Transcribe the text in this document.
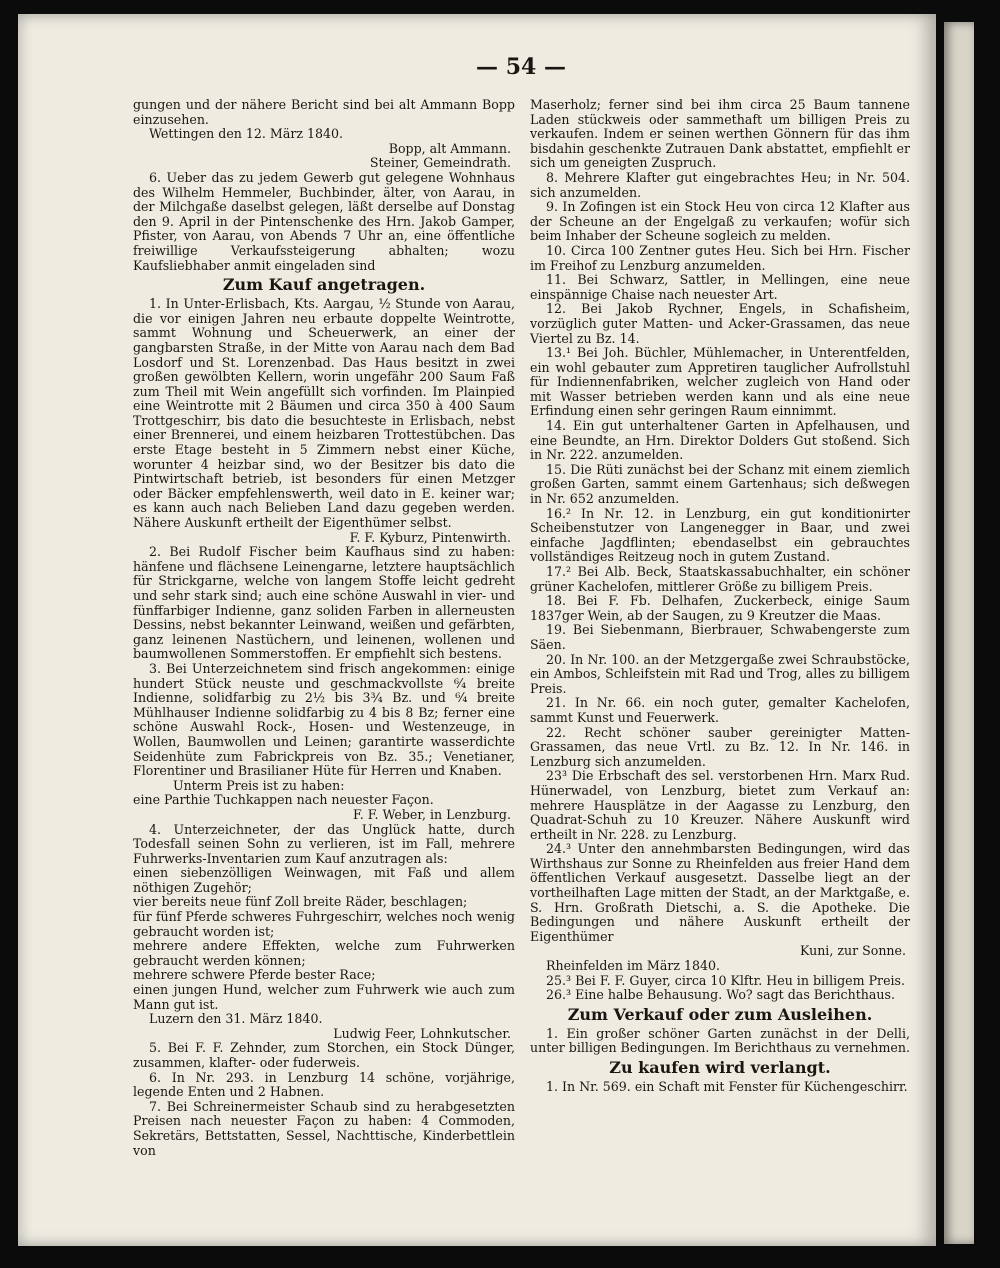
— 54 —

gungen und der nähere Bericht sind bei alt Ammann Bopp einzusehen.

Wettingen den 12. März 1840.

Bopp, alt Ammann.

Steiner, Gemeindrath.

6. Ueber das zu jedem Gewerb gut gelegene Wohnhaus des Wilhelm Hemmeler, Buchbinder, älter, von Aarau, in der Milchgaße daselbst gelegen, läßt derselbe auf Donstag den 9. April in der Pintenschenke des Hrn. Jakob Gamper, Pfister, von Aarau, von Abends 7 Uhr an, eine öffentliche freiwillige Verkaufssteigerung abhalten; wozu Kaufsliebhaber anmit eingeladen sind

Zum Kauf angetragen.

1. In Unter-Erlisbach, Kts. Aargau, ½ Stunde von Aarau, die vor einigen Jahren neu erbaute doppelte Weintrotte, sammt Wohnung und Scheuerwerk, an einer der gangbarsten Straße, in der Mitte von Aarau nach dem Bad Losdorf und St. Lorenzenbad. Das Haus besitzt in zwei großen gewölbten Kellern, worin ungefähr 200 Saum Faß zum Theil mit Wein angefüllt sich vorfinden. Im Plainpied eine Weintrotte mit 2 Bäumen und circa 350 à 400 Saum Trottgeschirr, bis dato die besuchteste in Erlisbach, nebst einer Brennerei, und einem heizbaren Trottestübchen. Das erste Etage besteht in 5 Zimmern nebst einer Küche, worunter 4 heizbar sind, wo der Besitzer bis dato die Pintwirtschaft betrieb, ist besonders für einen Metzger oder Bäcker empfehlenswerth, weil dato in E. keiner war; es kann auch nach Belieben Land dazu gegeben werden. Nähere Auskunft ertheilt der Eigenthümer selbst.

F. F. Kyburz, Pintenwirth.

2. Bei Rudolf Fischer beim Kaufhaus sind zu haben: hänfene und flächsene Leinengarne, letztere hauptsächlich für Strickgarne, welche von langem Stoffe leicht gedreht und sehr stark sind; auch eine schöne Auswahl in vier- und fünffarbiger Indienne, ganz soliden Farben in allerneusten Dessins, nebst bekannter Leinwand, weißen und gefärbten, ganz leinenen Nastüchern, und leinenen, wollenen und baumwollenen Sommerstoffen. Er empfiehlt sich bestens.

3. Bei Unterzeichnetem sind frisch angekommen: einige hundert Stück neuste und geschmackvollste ⁶⁄₄ breite Indienne, solidfarbig zu 2½ bis 3¾ Bz. und ⁶⁄₄ breite Mühlhauser Indienne solidfarbig zu 4 bis 8 Bz; ferner eine schöne Auswahl Rock-, Hosen- und Westenzeuge, in Wollen, Baumwollen und Leinen; garantirte wasserdichte Seidenhüte zum Fabrickpreis von Bz. 35.; Venetianer, Florentiner und Brasilianer Hüte für Herren und Knaben.

Unterm Preis ist zu haben:

eine Parthie Tuchkappen nach neuester Façon.

F. F. Weber, in Lenzburg.

4. Unterzeichneter, der das Unglück hatte, durch Todesfall seinen Sohn zu verlieren, ist im Fall, mehrere Fuhrwerks-Inventarien zum Kauf anzutragen als:

einen siebenzölligen Weinwagen, mit Faß und allem nöthigen Zugehör;

vier bereits neue fünf Zoll breite Räder, beschlagen;

für fünf Pferde schweres Fuhrgeschirr, welches noch wenig gebraucht worden ist;

mehrere andere Effekten, welche zum Fuhrwerken gebraucht werden können;

mehrere schwere Pferde bester Race;

einen jungen Hund, welcher zum Fuhrwerk wie auch zum Mann gut ist.

Luzern den 31. März 1840.

Ludwig Feer, Lohnkutscher.

5. Bei F. F. Zehnder, zum Storchen, ein Stock Dünger, zusammen, klafter- oder fuderweis.

6. In Nr. 293. in Lenzburg 14 schöne, vorjährige, legende Enten und 2 Habnen.

7. Bei Schreinermeister Schaub sind zu herabgesetzten Preisen nach neuester Façon zu haben: 4 Commoden, Sekretärs, Bettstatten, Sessel, Nachttische, Kinderbettlein von

Maserholz; ferner sind bei ihm circa 25 Baum tannene Laden stückweis oder sammethaft um billigen Preis zu verkaufen. Indem er seinen werthen Gönnern für das ihm bisdahin geschenkte Zutrauen Dank abstattet, empfiehlt er sich um geneigten Zuspruch.

8. Mehrere Klafter gut eingebrachtes Heu; in Nr. 504. sich anzumelden.

9. In Zofingen ist ein Stock Heu von circa 12 Klafter aus der Scheune an der Engelgaß zu verkaufen; wofür sich beim Inhaber der Scheune sogleich zu melden.

10. Circa 100 Zentner gutes Heu. Sich bei Hrn. Fischer im Freihof zu Lenzburg anzumelden.

11. Bei Schwarz, Sattler, in Mellingen, eine neue einspännige Chaise nach neuester Art.

12. Bei Jakob Rychner, Engels, in Schafisheim, vorzüglich guter Matten- und Acker-Grassamen, das neue Viertel zu Bz. 14.

13.¹ Bei Joh. Büchler, Mühlemacher, in Unterentfelden, ein wohl gebauter zum Appretiren tauglicher Aufrollstuhl für Indiennenfabriken, welcher zugleich von Hand oder mit Wasser betrieben werden kann und als eine neue Erfindung einen sehr geringen Raum einnimmt.

14. Ein gut unterhaltener Garten in Apfelhausen, und eine Beundte, an Hrn. Direktor Dolders Gut stoßend. Sich in Nr. 222. anzumelden.

15. Die Rüti zunächst bei der Schanz mit einem ziemlich großen Garten, sammt einem Gartenhaus; sich deßwegen in Nr. 652 anzumelden.

16.² In Nr. 12. in Lenzburg, ein gut konditionirter Scheibenstutzer von Langenegger in Baar, und zwei einfache Jagdflinten; ebendaselbst ein gebrauchtes vollständiges Reitzeug noch in gutem Zustand.

17.² Bei Alb. Beck, Staatskassabuchhalter, ein schöner grüner Kachelofen, mittlerer Größe zu billigem Preis.

18. Bei F. Fb. Delhafen, Zuckerbeck, einige Saum 1837ger Wein, ab der Saugen, zu 9 Kreutzer die Maas.

19. Bei Siebenmann, Bierbrauer, Schwabengerste zum Säen.

20. In Nr. 100. an der Metzgergaße zwei Schraubstöcke, ein Ambos, Schleifstein mit Rad und Trog, alles zu billigem Preis.

21. In Nr. 66. ein noch guter, gemalter Kachelofen, sammt Kunst und Feuerwerk.

22. Recht schöner sauber gereinigter Matten-Grassamen, das neue Vrtl. zu Bz. 12. In Nr. 146. in Lenzburg sich anzumelden.

23³ Die Erbschaft des sel. verstorbenen Hrn. Marx Rud. Hünerwadel, von Lenzburg, bietet zum Verkauf an: mehrere Hausplätze in der Aagasse zu Lenzburg, den Quadrat-Schuh zu 10 Kreuzer. Nähere Auskunft wird ertheilt in Nr. 228. zu Lenzburg.

24.³ Unter den annehmbarsten Bedingungen, wird das Wirthshaus zur Sonne zu Rheinfelden aus freier Hand dem öffentlichen Verkauf ausgesetzt. Dasselbe liegt an der vortheilhaften Lage mitten der Stadt, an der Marktgaße, e. S. Hrn. Großrath Dietschi, a. S. die Apotheke. Die Bedingungen und nähere Auskunft ertheilt der Eigenthümer

Kuni, zur Sonne.

Rheinfelden im März 1840.

25.³ Bei F. F. Guyer, circa 10 Klftr. Heu in billigem Preis.

26.³ Eine halbe Behausung. Wo? sagt das Berichthaus.

Zum Verkauf oder zum Ausleihen.

1. Ein großer schöner Garten zunächst in der Delli, unter billigen Bedingungen. Im Berichthaus zu vernehmen.

Zu kaufen wird verlangt.

1. In Nr. 569. ein Schaft mit Fenster für Küchengeschirr.
